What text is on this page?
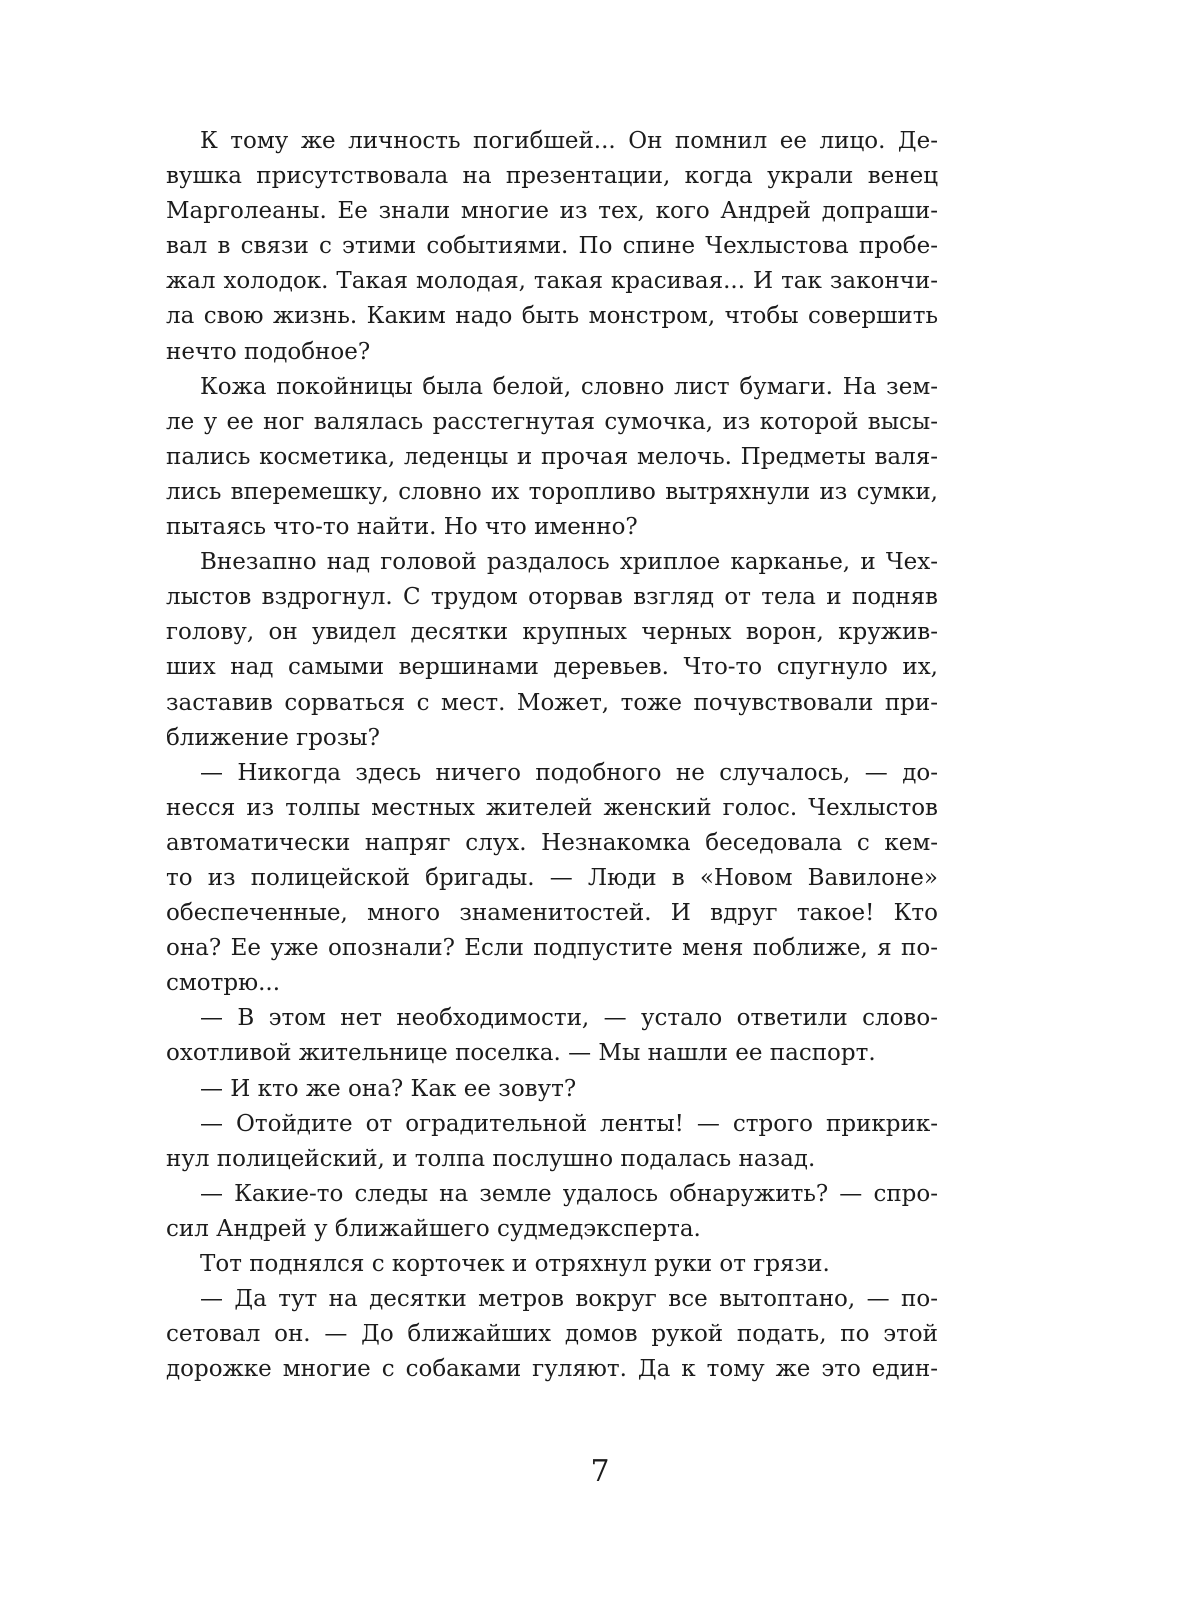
К тому же личность погибшей... Он помнил ее лицо. Де-
вушка присутствовала на презентации, когда украли венец
Марголеаны. Ее знали многие из тех, кого Андрей допраши-
вал в связи с этими событиями. По спине Чехлыстова пробе-
жал холодок. Такая молодая, такая красивая... И так закончи-
ла свою жизнь. Каким надо быть монстром, чтобы совершить
нечто подобное?
Кожа покойницы была белой, словно лист бумаги. На зем-
ле у ее ног валялась расстегнутая сумочка, из которой высы-
пались косметика, леденцы и прочая мелочь. Предметы валя-
лись вперемешку, словно их торопливо вытряхнули из сумки,
пытаясь что-то найти. Но что именно?
Внезапно над головой раздалось хриплое карканье, и Чех-
лыстов вздрогнул. С трудом оторвав взгляд от тела и подняв
голову, он увидел десятки крупных черных ворон, кружив-
ших над самыми вершинами деревьев. Что-то спугнуло их,
заставив сорваться с мест. Может, тоже почувствовали при-
ближение грозы?
— Никогда здесь ничего подобного не случалось, — до-
несся из толпы местных жителей женский голос. Чехлыстов
автоматически напряг слух. Незнакомка беседовала с кем-
то из полицейской бригады. — Люди в «Новом Вавилоне»
обеспеченные, много знаменитостей. И вдруг такое! Кто
она? Ее уже опознали? Если подпустите меня поближе, я по-
смотрю...
— В этом нет необходимости, — устало ответили слово-
охотливой жительнице поселка. — Мы нашли ее паспорт.
— И кто же она? Как ее зовут?
— Отойдите от оградительной ленты! — строго прикрик-
нул полицейский, и толпа послушно подалась назад.
— Какие-то следы на земле удалось обнаружить? — спро-
сил Андрей у ближайшего судмедэксперта.
Тот поднялся с корточек и отряхнул руки от грязи.
— Да тут на десятки метров вокруг все вытоптано, — по-
сетовал он. — До ближайших домов рукой подать, по этой
дорожке многие с собаками гуляют. Да к тому же это един-
7
